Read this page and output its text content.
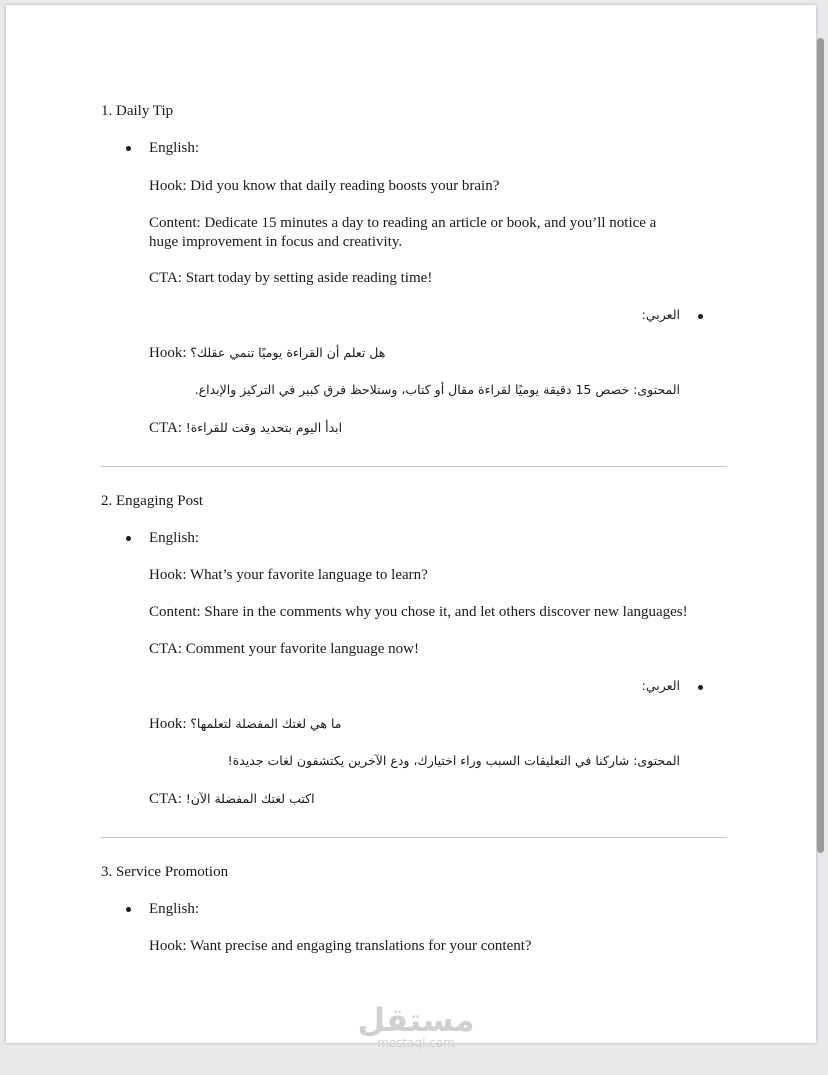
1. Daily Tip
English:
Hook: Did you know that daily reading boosts your brain?
Content: Dedicate 15 minutes a day to reading an article or book, and you’ll notice a
huge improvement in focus and creativity.
CTA: Start today by setting aside reading time!
العربي:
Hook: هل تعلم أن القراءة يوميًا تنمي عقلك؟
المحتوى: خصص 15 دقيقة يوميًا لقراءة مقال أو كتاب، وستلاحظ فرق كبير في التركيز والإبداع.
CTA: ابدأ اليوم بتحديد وقت للقراءة!
2. Engaging Post
English:
Hook: What’s your favorite language to learn?
Content: Share in the comments why you chose it, and let others discover new languages!
CTA: Comment your favorite language now!
العربي:
Hook: ما هي لغتك المفضلة لتعلمها؟
المحتوى: شاركنا في التعليقات السبب وراء اختيارك، ودع الآخرين يكتشفون لغات جديدة!
CTA: اكتب لغتك المفضلة الآن!
3. Service Promotion
English:
Hook: Want precise and engaging translations for your content?
مستقل
mostaql.com
